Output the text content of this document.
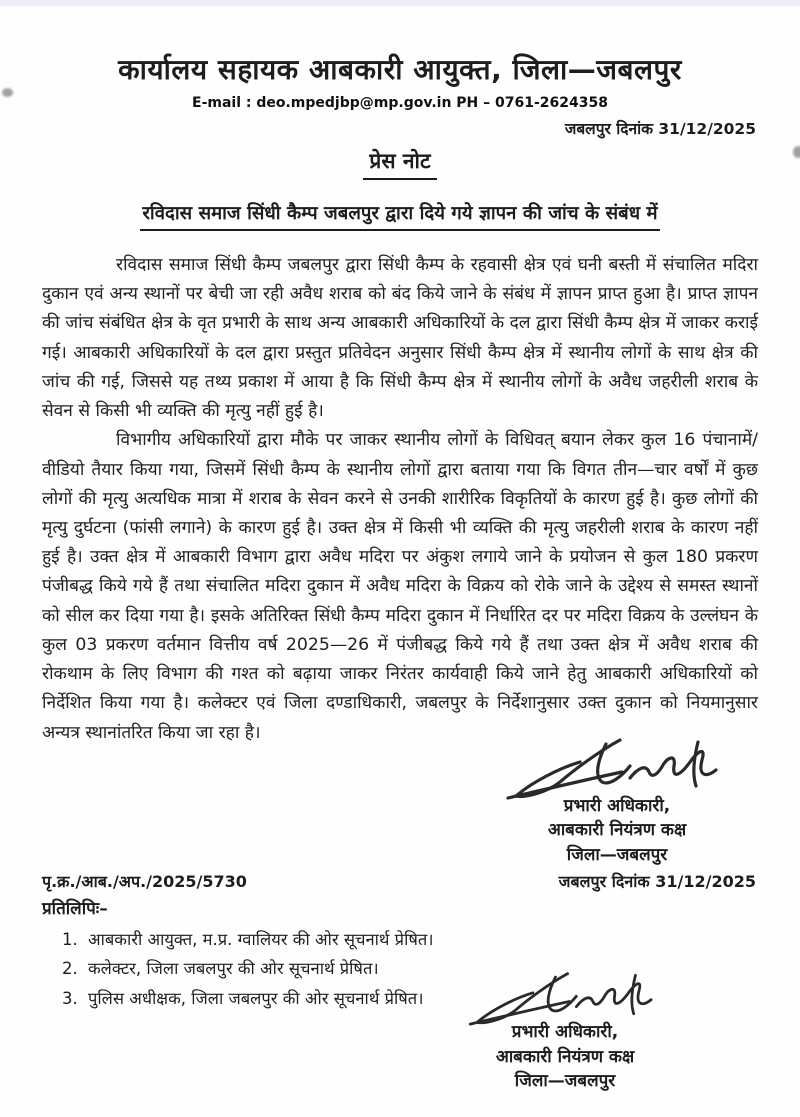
कार्यालय सहायक आबकारी आयुक्त, जिला—जबलपुर
E-mail : deo.mpedjbp@mp.gov.in PH – 0761-2624358
जबलपुर दिनांक 31/12/2025
प्रेस नोट
रविदास समाज सिंधी कैम्प जबलपुर द्वारा दिये गये ज्ञापन की जांच के संबंध में

रविदास समाज सिंधी कैम्प जबलपुर द्वारा सिंधी कैम्प के रहवासी क्षेत्र एवं घनी बस्ती में संचालित मदिरा दुकान एवं अन्य स्थानों पर बेची जा रही अवैध शराब को बंद किये जाने के संबंध में ज्ञापन प्राप्त हुआ है। प्राप्त ज्ञापन की जांच संबंधित क्षेत्र के वृत प्रभारी के साथ अन्य आबकारी अधिकारियों के दल द्वारा सिंधी कैम्प क्षेत्र में जाकर कराई गई। आबकारी अधिकारियों के दल द्वारा प्रस्तुत प्रतिवेदन अनुसार सिंधी कैम्प क्षेत्र में स्थानीय लोगों के साथ क्षेत्र की जांच की गई, जिससे यह तथ्य प्रकाश में आया है कि सिंधी कैम्प क्षेत्र में स्थानीय लोगों के अवैध जहरीली शराब के सेवन से किसी भी व्यक्ति की मृत्यु नहीं हुई है।

विभागीय अधिकारियों द्वारा मौके पर जाकर स्थानीय लोगों के विधिवत् बयान लेकर कुल 16 पंचानामें/वीडियो तैयार किया गया, जिसमें सिंधी कैम्प के स्थानीय लोगों द्वारा बताया गया कि विगत तीन—चार वर्षों में कुछ लोगों की मृत्यु अत्यधिक मात्रा में शराब के सेवन करने से उनकी शारीरिक विकृतियों के कारण हुई है। कुछ लोगों की मृत्यु दुर्घटना (फांसी लगाने) के कारण हुई है। उक्त क्षेत्र में किसी भी व्यक्ति की मृत्यु जहरीली शराब के कारण नहीं हुई है। उक्त क्षेत्र में आबकारी विभाग द्वारा अवैध मदिरा पर अंकुश लगाये जाने के प्रयोजन से कुल 180 प्रकरण पंजीबद्ध किये गये हैं तथा संचालित मदिरा दुकान में अवैध मदिरा के विक्रय को रोके जाने के उद्देश्य से समस्त स्थानों को सील कर दिया गया है। इसके अतिरिक्त सिंधी कैम्प मदिरा दुकान में निर्धारित दर पर मदिरा विक्रय के उल्लंघन के कुल 03 प्रकरण वर्तमान वित्तीय वर्ष 2025—26 में पंजीबद्ध किये गये हैं तथा उक्त क्षेत्र में अवैध शराब की रोकथाम के लिए विभाग की गश्त को बढ़ाया जाकर निरंतर कार्यवाही किये जाने हेतु आबकारी अधिकारियों को निर्देशित किया गया है। कलेक्टर एवं जिला दण्डाधिकारी, जबलपुर के निर्देशानुसार उक्त दुकान को नियमानुसार अन्यत्र स्थानांतरित किया जा रहा है।

प्रभारी अधिकारी,
आबकारी नियंत्रण कक्ष
जिला—जबलपुर
पृ.क्र./आब./अप./2025/5730	जबलपुर दिनांक 31/12/2025
प्रतिलिपिः–
1. आबकारी आयुक्त, म.प्र. ग्वालियर की ओर सूचनार्थ प्रेषित।
2. कलेक्टर, जिला जबलपुर की ओर सूचनार्थ प्रेषित।
3. पुलिस अधीक्षक, जिला जबलपुर की ओर सूचनार्थ प्रेषित।
प्रभारी अधिकारी,
आबकारी नियंत्रण कक्ष
जिला—जबलपुर
